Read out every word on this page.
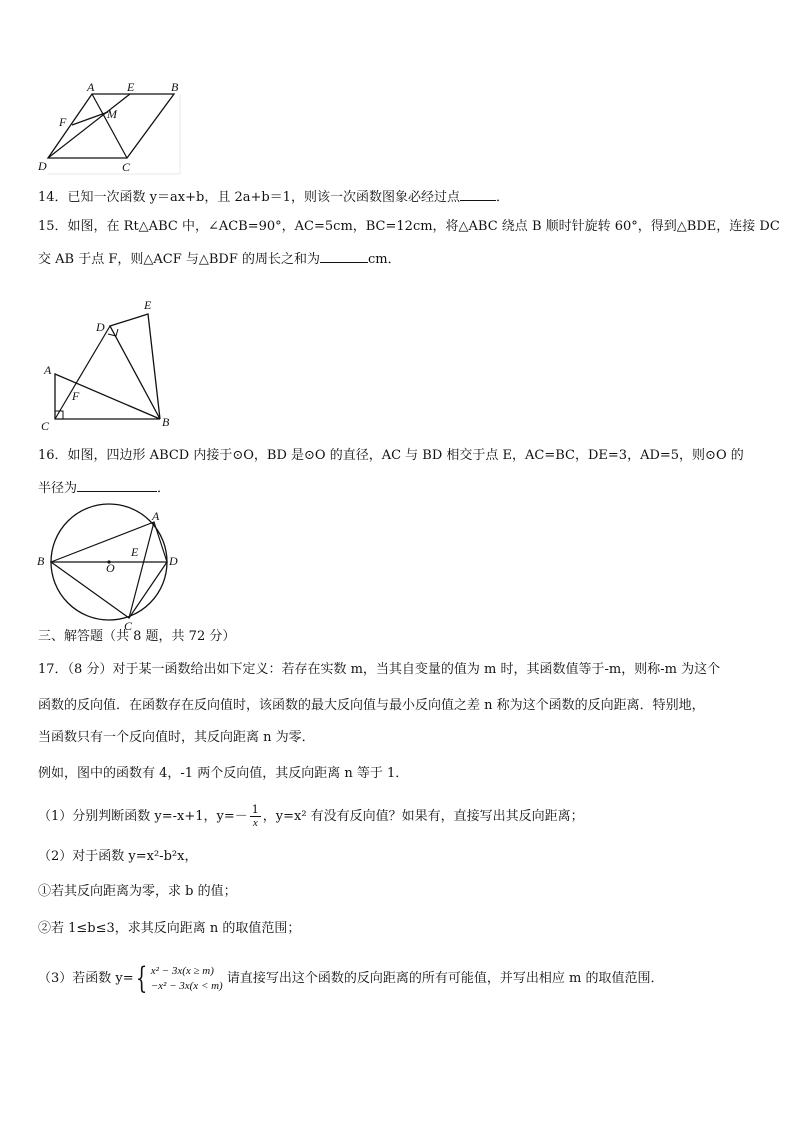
A	E	B
F
M
D	C
14．已知一次函数 y＝ax+b，且 2a+b＝1，则该一次函数图象必经过点	．
15．如图，在 Rt△ABC 中，∠ACB=90°，AC=5cm，BC=12cm，将△ABC 绕点 B 顺时针旋转 60°，得到△BDE，连接 DC
交 AB 于点 F，则△ACF 与△BDF 的周长之和为	cm．
E
D
A
F
C	B
16．如图，四边形 ABCD 内接于⊙O，BD 是⊙O 的直径，AC 与 BD 相交于点 E，AC=BC，DE=3，AD=5，则⊙O 的
半径为	．
A
B
E
O	D
C
三、解答题（共 8 题，共 72 分）
17．（8 分）对于某一函数给出如下定义：若存在实数 m，当其自变量的值为 m 时，其函数值等于-m，则称-m 为这个
函数的反向值．在函数存在反向值时，该函数的最大反向值与最小反向值之差 n 称为这个函数的反向距离．特别地，
当函数只有一个反向值时，其反向距离 n 为零．
例如，图中的函数有 4，-1 两个反向值，其反向距离 n 等于 1．
（1）分别判断函数 y=-x+1，$y=- \frac{1}{x}$ ，y=x² 有没有反向值？如果有，直接写出其反向距离；
（2）对于函数 y=x²-b²x，
①若其反向距离为零，求 b 的值；
②若 1≤b≤3，求其反向距离 n 的取值范围；
（3）若函数 y={ x² − 3x(x ≥ m)
−x² − 3x(x < m) 请直接写出这个函数的反向距离的所有可能值，并写出相应 m 的取值范围．
